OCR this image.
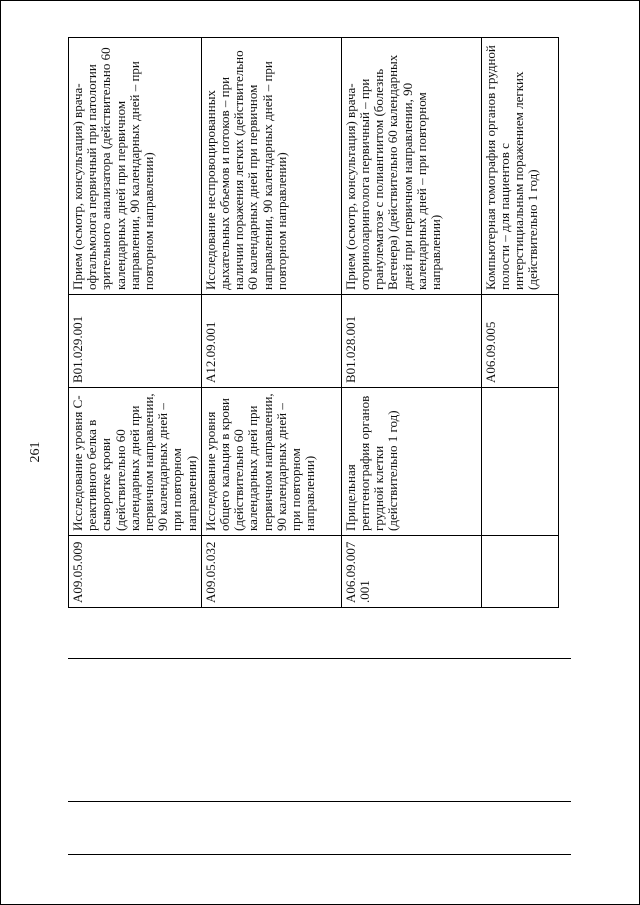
261
A09.05.009	Исследование уровня С-реактивного белка в сыворотке крови (действительно 60 календарных дней при первичном направлении, 90 календарных дней – при повторном направлении)	B01.029.001	Прием (осмотр, консультация) врача-офтальмолога первичный при патологии зрительного анализатора (действительно 60 календарных дней при первичном направлении, 90 календарных дней – при повторном направлении)
A09.05.032	Исследование уровня общего кальция в крови (действительно 60 календарных дней при первичном направлении, 90 календарных дней – при повторном направлении)	A12.09.001	Исследование неспровоцированных дыхательных объемов и потоков – при наличии поражения легких (действительно 60 календарных дней при первичном направлении, 90 календарных дней – при повторном направлении)
A06.09.007.001	Прицельная рентгенография органов грудной клетки (действительно 1 год)	B01.028.001	Прием (осмотр, консультация) врача-оториноларинголога первичный – при гранулематозе с полиангиитом (болезнь Вегенера) (действительно 60 календарных дней при первичном направлении, 90 календарных дней – при повторном направлении)
		A06.09.005	Компьютерная томография органов грудной полости – для пациентов с интерстициальным поражением легких (действительно 1 год)
